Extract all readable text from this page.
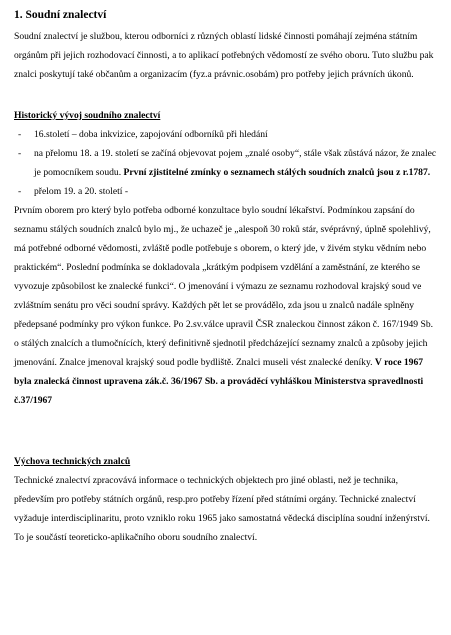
1. Soudní znalectví

Soudní znalectví je službou, kterou odborníci z různých oblastí lidské činnosti pomáhají zejména státním orgánům při jejich rozhodovací činnosti, a to aplikací potřebných vědomostí ze svého oboru. Tuto službu pak znalci poskytují také občanům a organizacím (fyz.a právnic.osobám) pro potřeby jejich právních úkonů.

Historický vývoj soudního znalectví

- 16.století – doba inkvizice, zapojování odborníků při hledání
- na přelomu 18. a 19. století se začíná objevovat pojem „znalé osoby“, stále však zůstává názor, že znalec je pomocníkem soudu. První zjistitelné zmínky o seznamech stálých soudních znalců jsou z r.1787.
- přelom 19. a 20. století -

Prvním oborem pro který bylo potřeba odborné konzultace bylo soudní lékařství. Podmínkou zapsání do seznamu stálých soudních znalců bylo mj., že uchazeč je „alespoň 30 roků stár, svéprávný, úplně spolehlivý, má potřebné odborné vědomosti, zvláště podle potřebuje s oborem, o který jde, v živém styku vědním nebo praktickém“. Poslední podmínka se dokladovala „krátkým podpisem vzdělání a zaměstnání, ze kterého se vyvozuje způsobilost ke znalecké funkci“. O jmenování i výmazu ze seznamu rozhodoval krajský soud ve zvláštním senátu pro věci soudní správy. Každých pět let se provádělo, zda jsou u znalců nadále splněny předepsané podmínky pro výkon funkce. Po 2.sv.válce upravil ČSR znaleckou činnost zákon č. 167/1949 Sb. o stálých znalcích a tlumočnících, který definitivně sjednotil předcházející seznamy znalců a způsoby jejich jmenování. Znalce jmenoval krajský soud podle bydliště. Znalci museli vést znalecké deníky. V roce 1967 byla znalecká činnost upravena zák.č. 36/1967 Sb. a prováděcí vyhláškou Ministerstva spravedlnosti č.37/1967

Výchova technických znalců

Technické znalectví zpracovává informace o technických objektech pro jiné oblasti, než je technika, především pro potřeby státních orgánů, resp.pro potřeby řízení před státními orgány. Technické znalectví vyžaduje interdisciplinaritu, proto vzniklo roku 1965 jako samostatná vědecká disciplína soudní inženýrství. To je součástí teoreticko-aplikačního oboru soudního znalectví.
